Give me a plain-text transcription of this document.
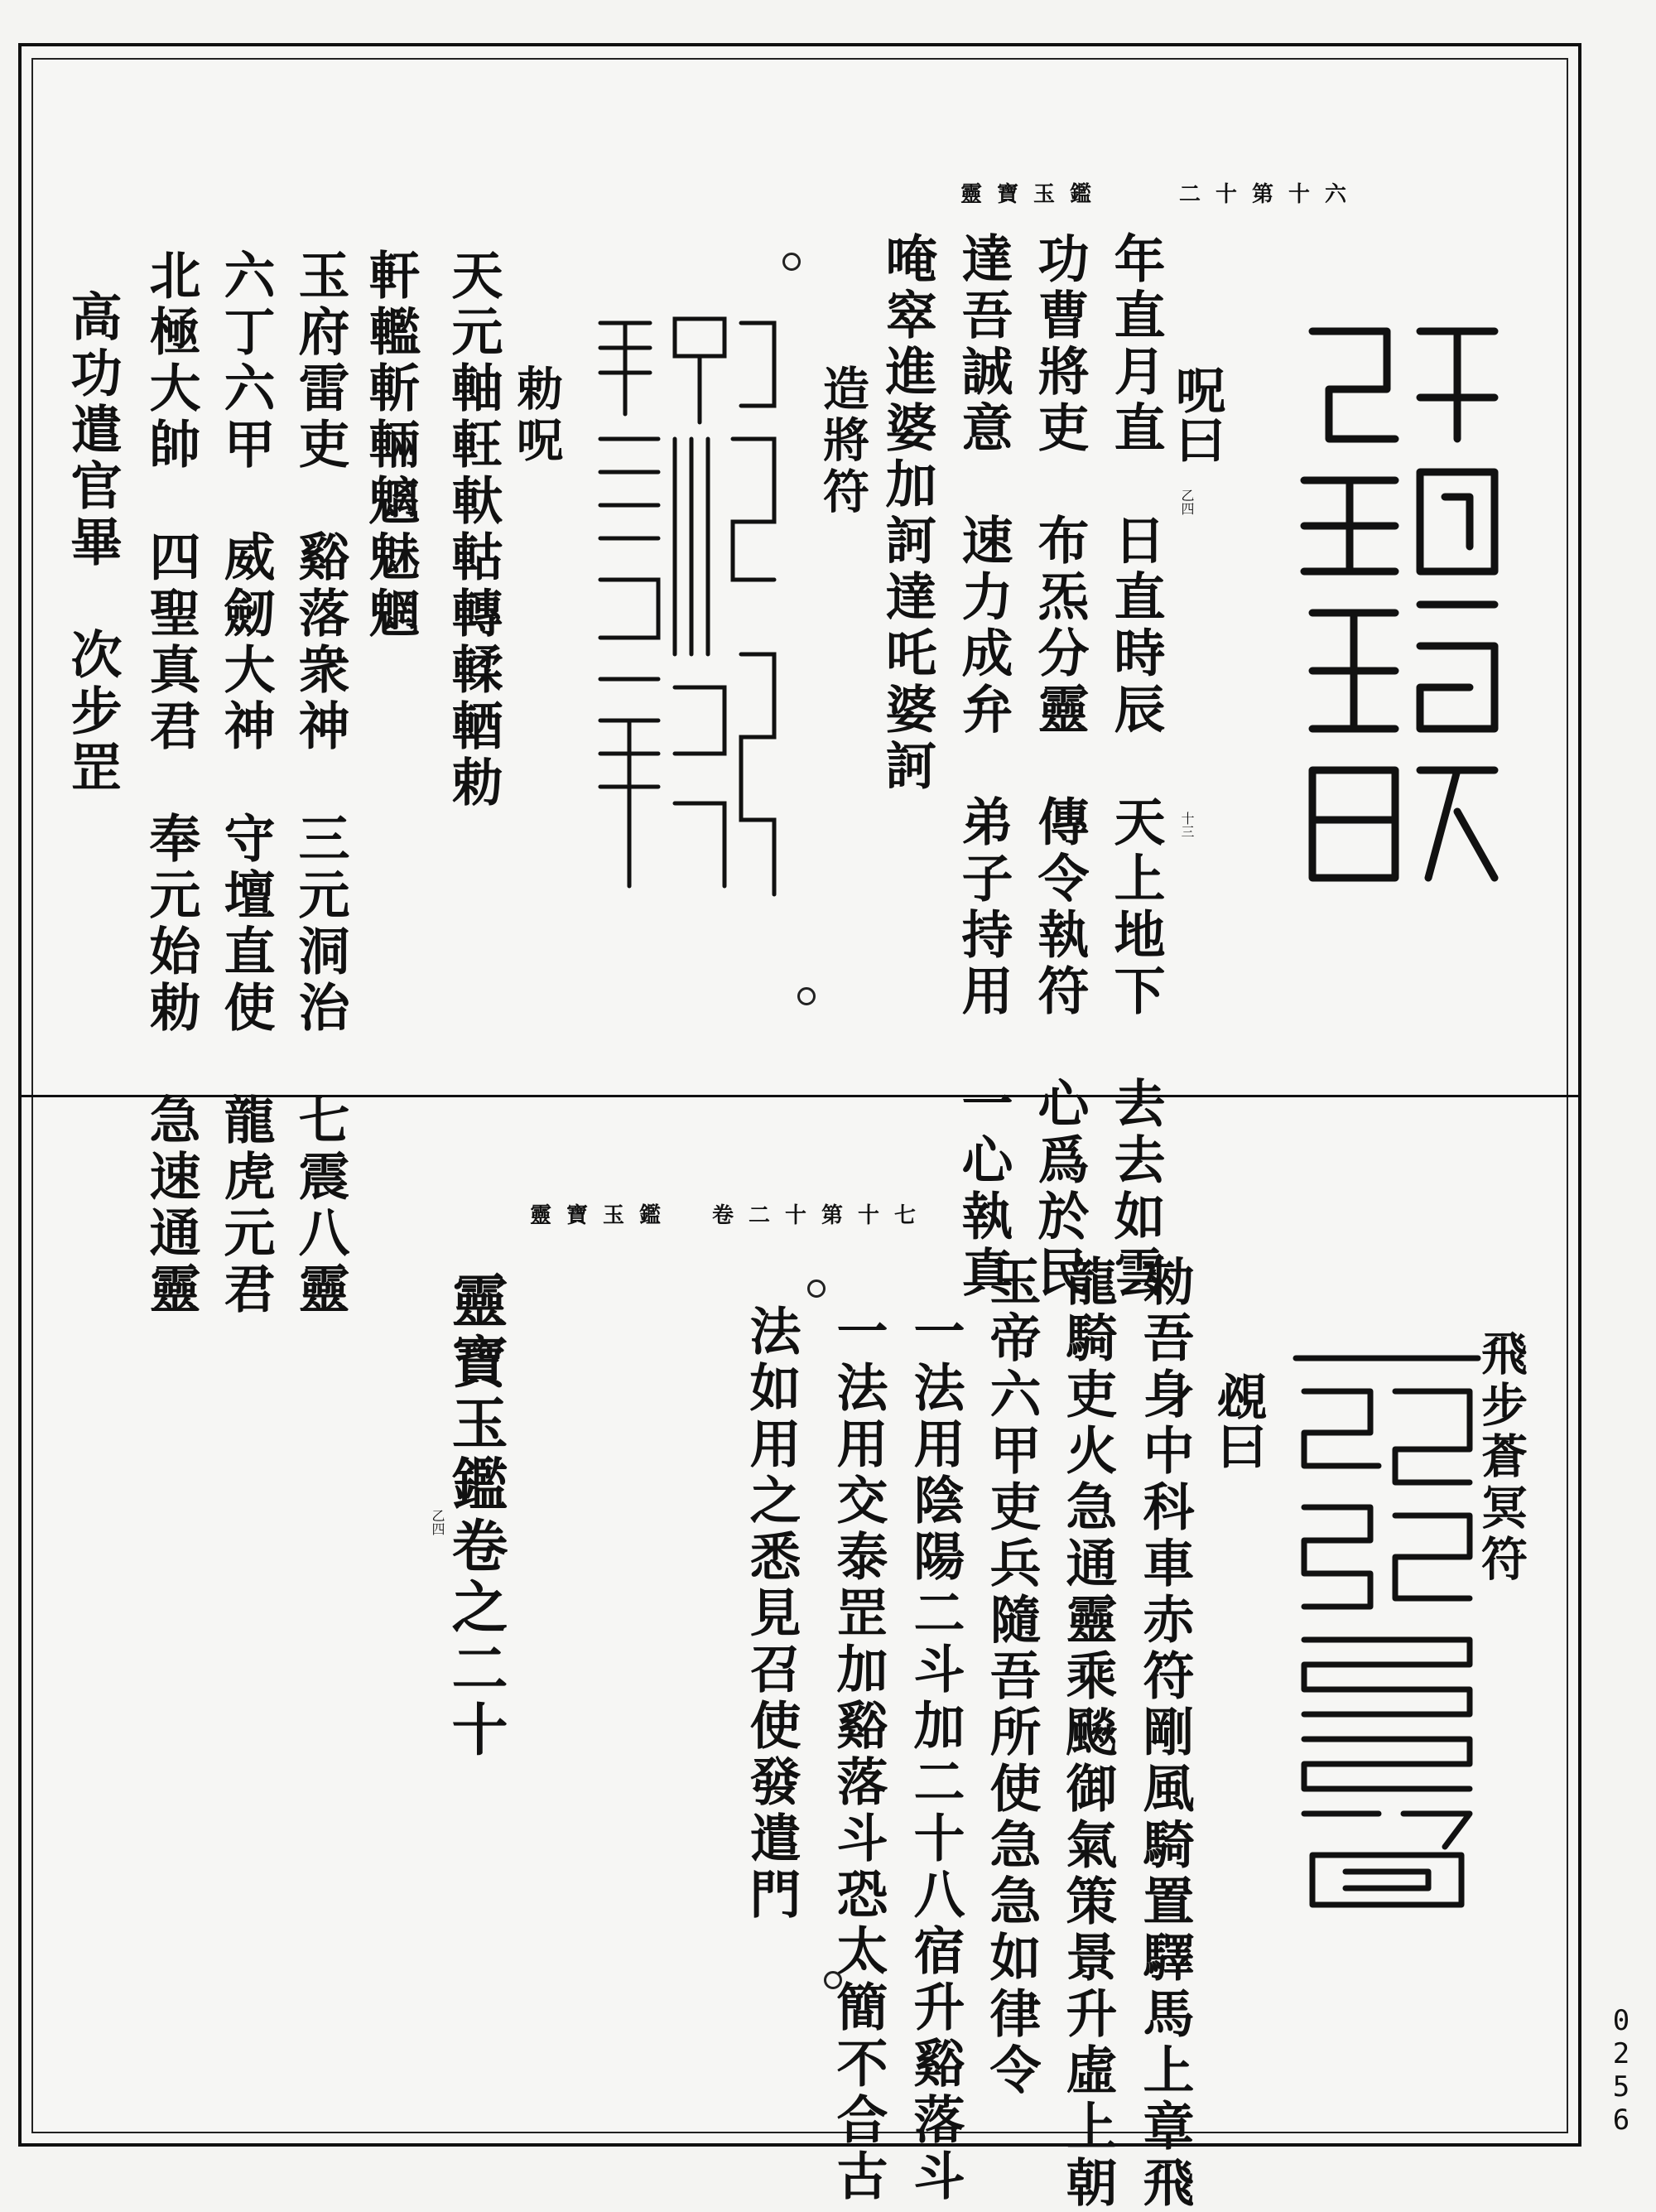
靈寶玉鑑　　二十第十六
呪曰
乙四
十三
年直月直　日直時辰　天上地下　去去如雲
功曹將吏　布炁分靈　傳令執符　心爲於民
達吾誠意　速力成弁　弟子持用　一心執真
唵窣進婆加訶達吒婆訶
造將符
勅呪
天元軸軖軑軲轉輮輏勅
軒轞斬輛魑魅魍
玉府雷吏　谿落衆神　三元洞治　七震八靈
六丁六甲　威劒大神　守壇直使　龍虎元君
北極大帥　四聖真君　奉元始勅　急速通靈
高功遣官畢　次步罡
靈寶玉鑑　卷二十第十七
飛步蒼冥符
覕曰
勑吾身中科車赤符剛風騎置驛馬上章飛
龍騎吏火急通靈乘飈御氣策景升虛上朝
玉帝六甲吏兵隨吾所使急急如律令
一法用陰陽二斗加二十八宿升谿落斗
一法用交泰罡加谿落斗恐太簡不合古
法如用之悉見召使發遣門
靈寶玉鑑卷之二十
乙四
0
2
5
6
